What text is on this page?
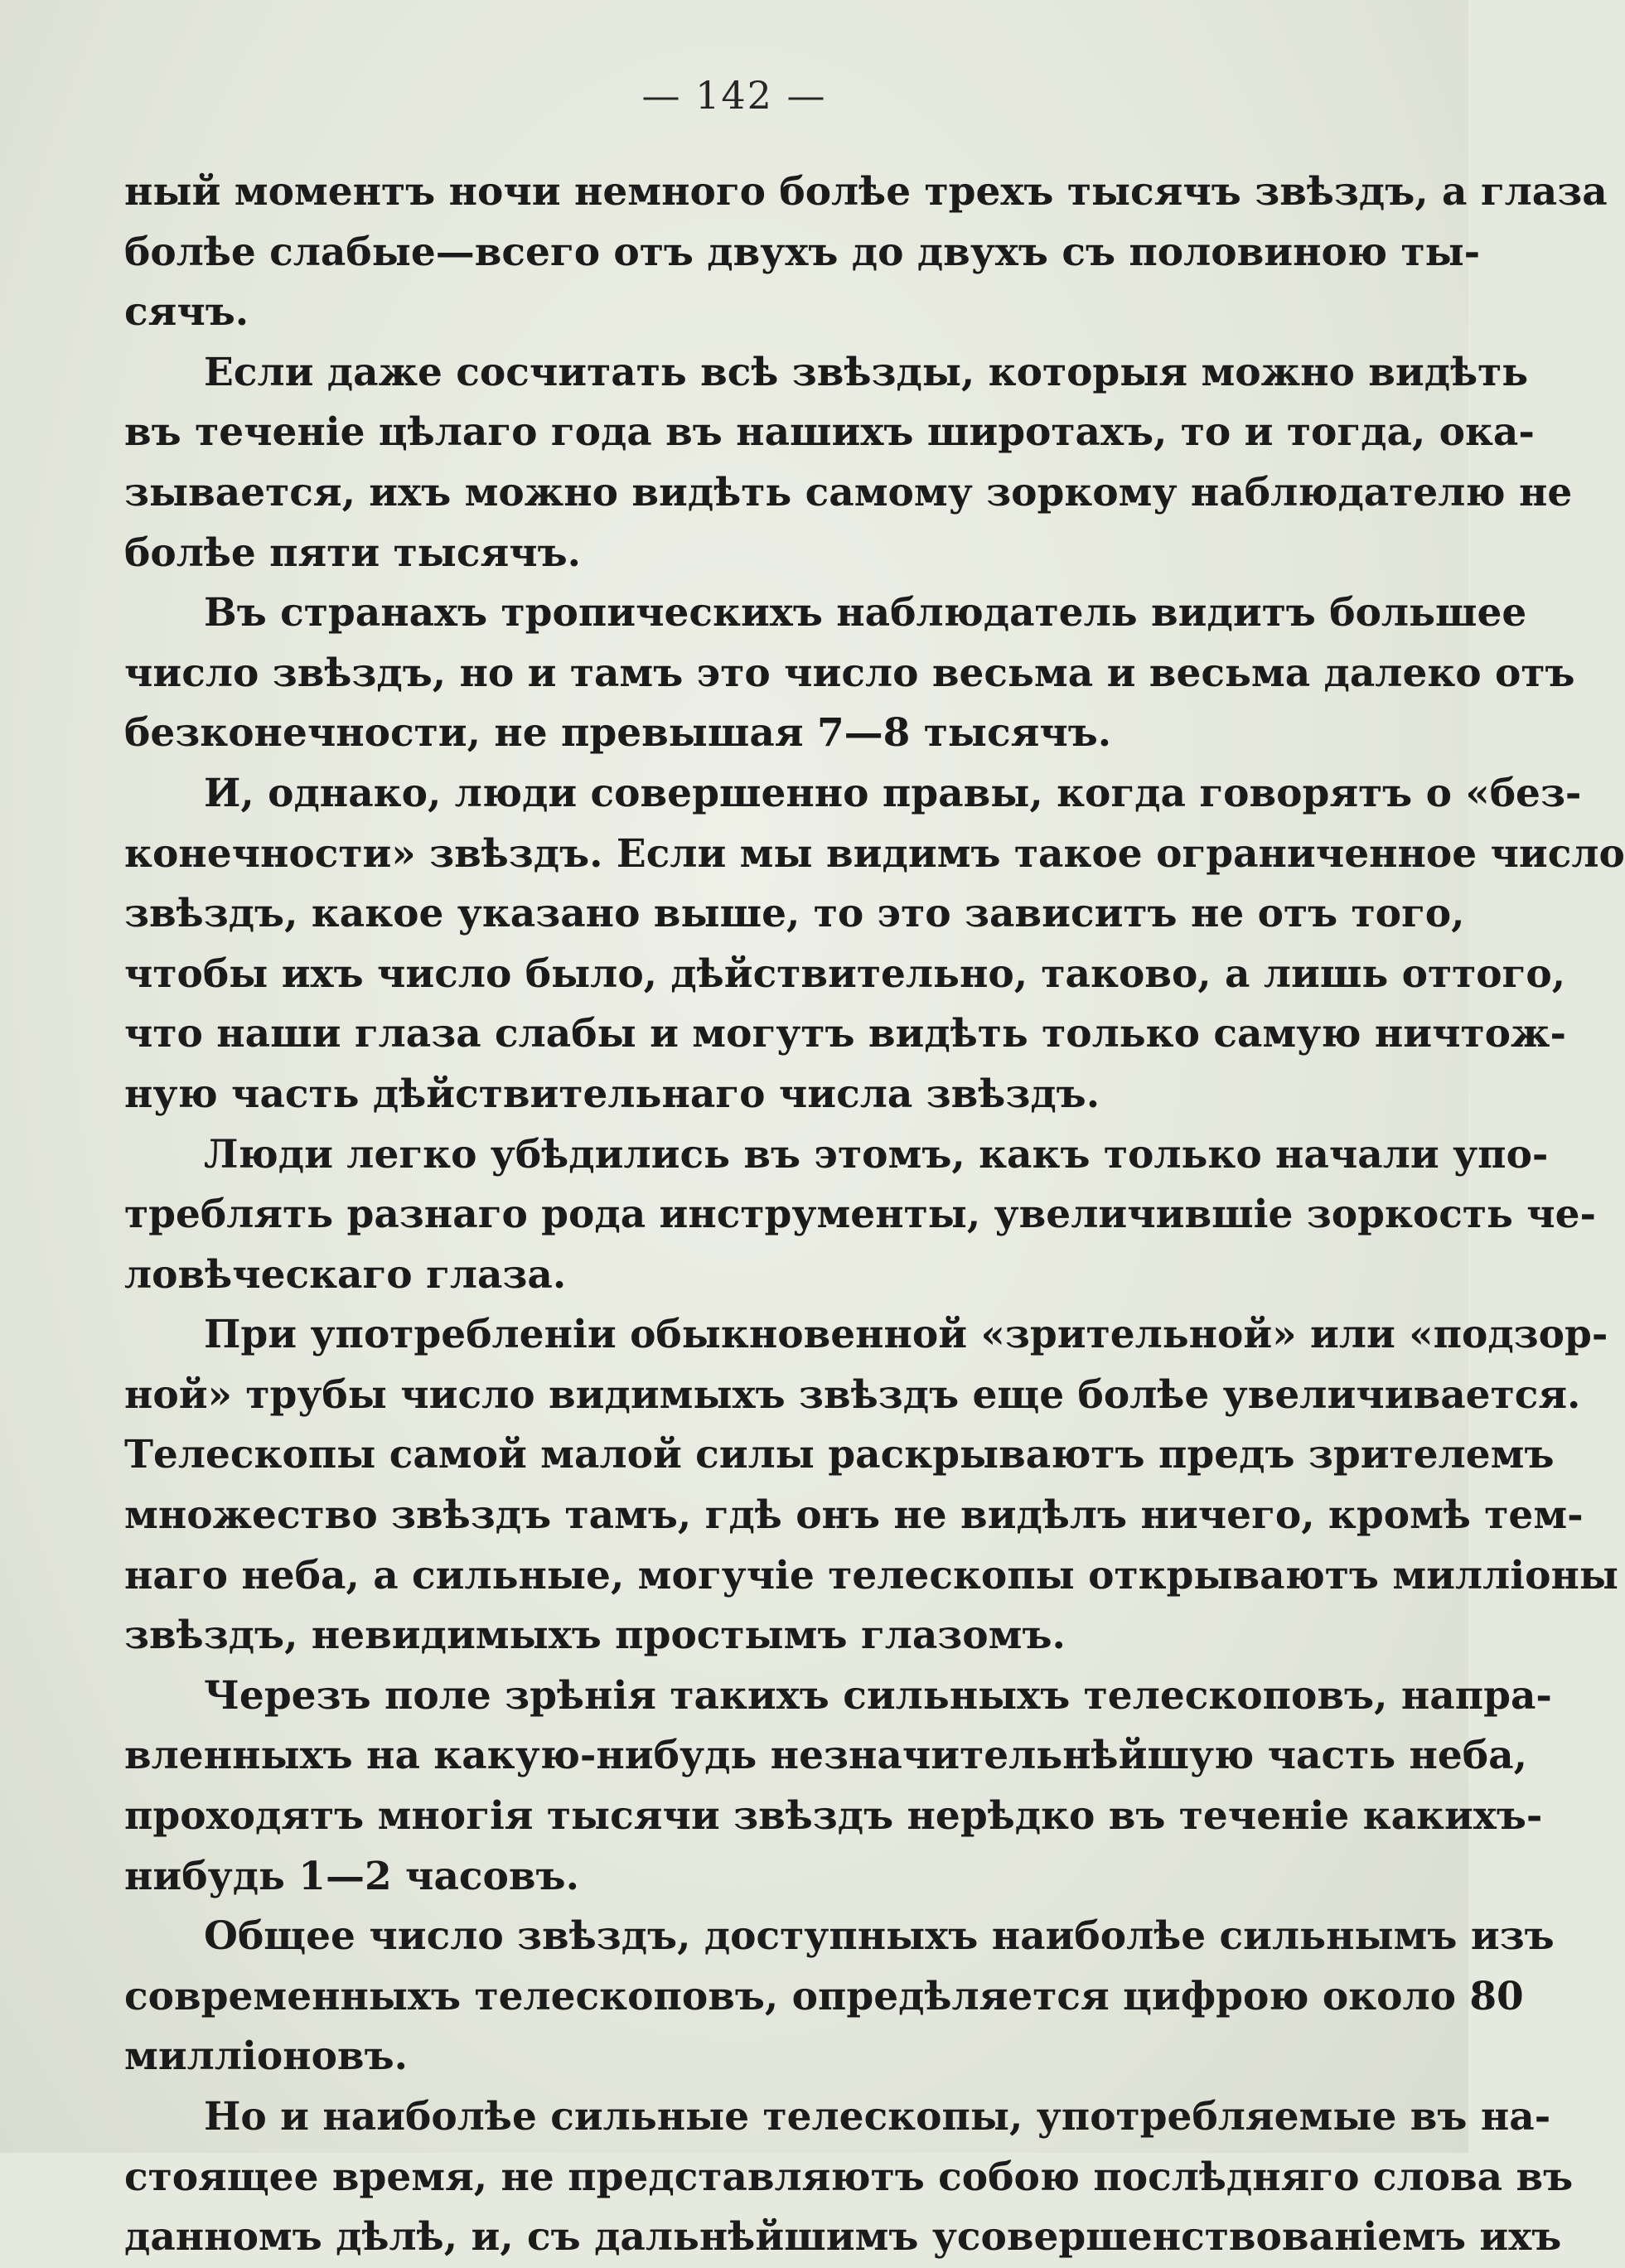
— 142 —
ный моментъ ночи немного болѣе трехъ тысячъ звѣздъ, а глаза
болѣе слабые—всего отъ двухъ до двухъ съ половиною ты-
сячъ.
Если даже сосчитать всѣ звѣзды, которыя можно видѣть
въ теченіе цѣлаго года въ нашихъ широтахъ, то и тогда, ока-
зывается, ихъ можно видѣть самому зоркому наблюдателю не
болѣе пяти тысячъ.
Въ странахъ тропическихъ наблюдатель видитъ большее
число звѣздъ, но и тамъ это число весьма и весьма далеко отъ
безконечности, не превышая 7—8 тысячъ.
И, однако, люди совершенно правы, когда говорятъ о «без-
конечности» звѣздъ. Если мы видимъ такое ограниченное число
звѣздъ, какое указано выше, то это зависитъ не отъ того,
чтобы ихъ число было, дѣйствительно, таково, а лишь оттого,
что наши глаза слабы и могутъ видѣть только самую ничтож-
ную часть дѣйствительнаго числа звѣздъ.
Люди легко убѣдились въ этомъ, какъ только начали упо-
треблять разнаго рода инструменты, увеличившіе зоркость че-
ловѣческаго глаза.
При употребленіи обыкновенной «зрительной» или «подзор-
ной» трубы число видимыхъ звѣздъ еще болѣе увеличивается.
Телескопы самой малой силы раскрываютъ предъ зрителемъ
множество звѣздъ тамъ, гдѣ онъ не видѣлъ ничего, кромѣ тем-
наго неба, а сильные, могучіе телескопы открываютъ милліоны
звѣздъ, невидимыхъ простымъ глазомъ.
Черезъ поле зрѣнія такихъ сильныхъ телескоповъ, напра-
вленныхъ на какую-нибудь незначительнѣйшую часть неба,
проходятъ многія тысячи звѣздъ нерѣдко въ теченіе какихъ-
нибудь 1—2 часовъ.
Общее число звѣздъ, доступныхъ наиболѣе сильнымъ изъ
современныхъ телескоповъ, опредѣляется цифрою около 80
милліоновъ.
Но и наиболѣе сильные телескопы, употребляемые въ на-
стоящее время, не представляютъ собою послѣдняго слова въ
данномъ дѣлѣ, и, съ дальнѣйшимъ усовершенствованіемъ ихъ
